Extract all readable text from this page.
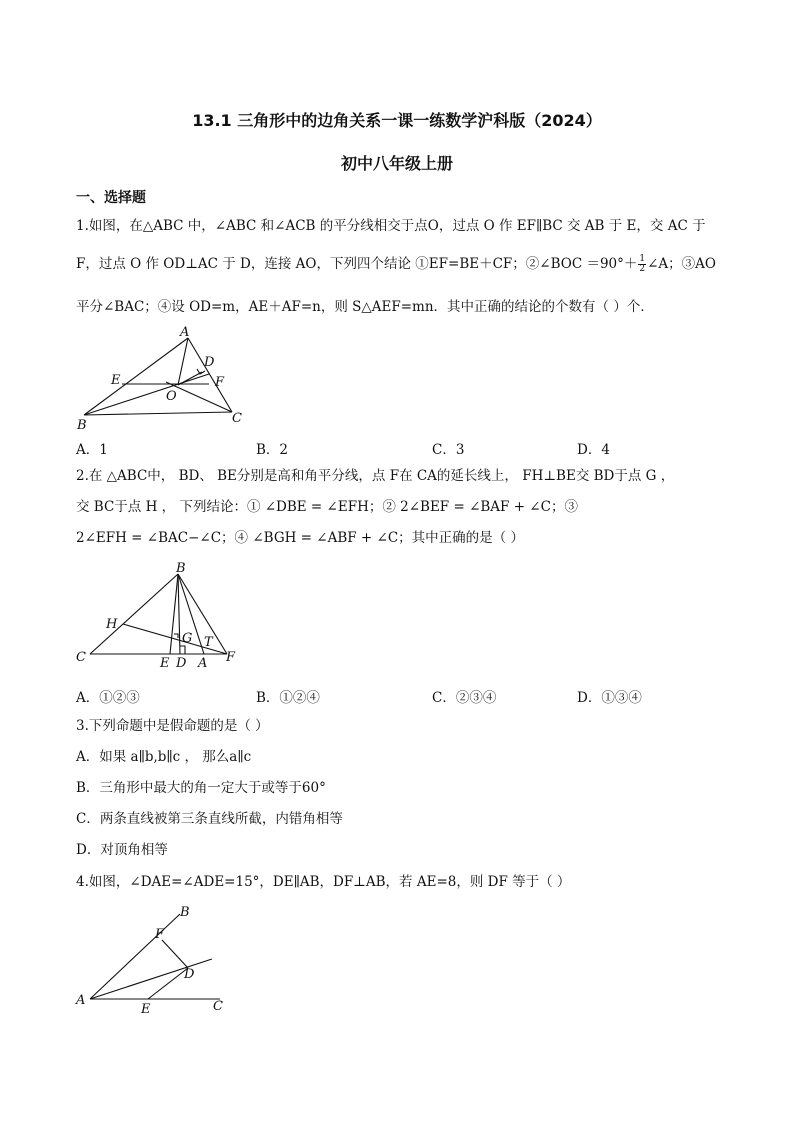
13.1 三角形中的边角关系一课一练数学沪科版（2024）
初中八年级上册
一、选择题
1.如图，在△ABC 中，∠ABC 和∠ACB 的平分线相交于点O，过点 O 作 EF∥BC 交 AB 于 E，交 AC 于
F，过点 O 作 OD⊥AC 于 D，连接 AO，下列四个结论 ①EF=BE＋CF；②∠BOC $=90^\circ+ \frac{1}{2}$ ∠A；③AO
平分∠BAC；④设 OD=m，AE＋AF=n，则 S△AEF=mn．其中正确的结论的个数有（ ）个．
A
D
E	F
O
B	C
A．1	B．2	C．3	D．4
2.在 △ABC中， BD、 BE分别是高和角平分线，点 F在 CA的延长线上， FH⊥BE交 BD于点 G ，
交 BC于点 H ， 下列结论：① ∠DBE = ∠EFH；② 2∠BEF = ∠BAF + ∠C；③
2∠EFH = ∠BAC−∠C；④ ∠BGH = ∠ABF + ∠C；其中正确的是（ ）
B
H
G T
C	E D A F
A．①②③	B．①②④	C．②③④	D．①③④
3.下列命题中是假命题的是（ ）
A．如果 a∥b,b∥c ， 那么a∥c
B．三角形中最大的角一定大于或等于60°
C．两条直线被第三条直线所截，内错角相等
D．对顶角相等
4.如图，∠DAE=∠ADE=15°，DE∥AB，DF⊥AB，若 AE=8，则 DF 等于（ ）
B
F
D
A
E	C
